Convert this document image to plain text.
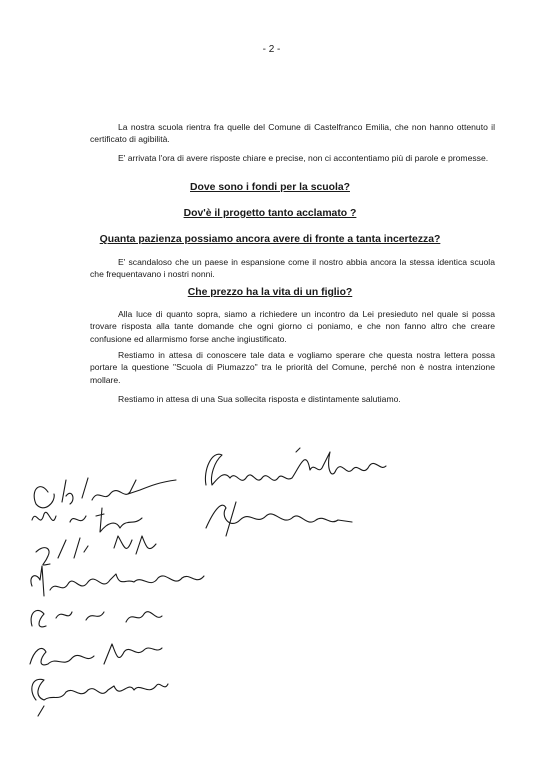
- 2 -

La nostra scuola rientra fra quelle del Comune di Castelfranco Emilia, che non hanno ottenuto il certificato di agibilità.

E' arrivata l'ora di avere risposte chiare e precise, non ci accontentiamo più di parole e promesse.

Dove sono i fondi per la scuola?
Dov'è il progetto tanto acclamato ?
Quanta pazienza possiamo ancora avere di fronte a tanta incertezza?

E' scandaloso che un paese in espansione come il nostro abbia ancora la stessa identica scuola che frequentavano i nostri nonni.

Che prezzo ha la vita di un figlio?

Alla luce di quanto sopra, siamo a richiedere un incontro da Lei presieduto nel quale si possa trovare risposta alla tante domande che ogni giorno ci poniamo, e che non fanno altro che creare confusione ed allarmismo forse anche ingiustificato.

Restiamo in attesa di conoscere tale data e vogliamo sperare che questa nostra lettera possa portare la questione "Scuola di Piumazzo" tra le priorità del Comune, perché non è nostra intenzione mollare.

Restiamo in attesa di una Sua sollecita risposta e distintamente salutiamo.
